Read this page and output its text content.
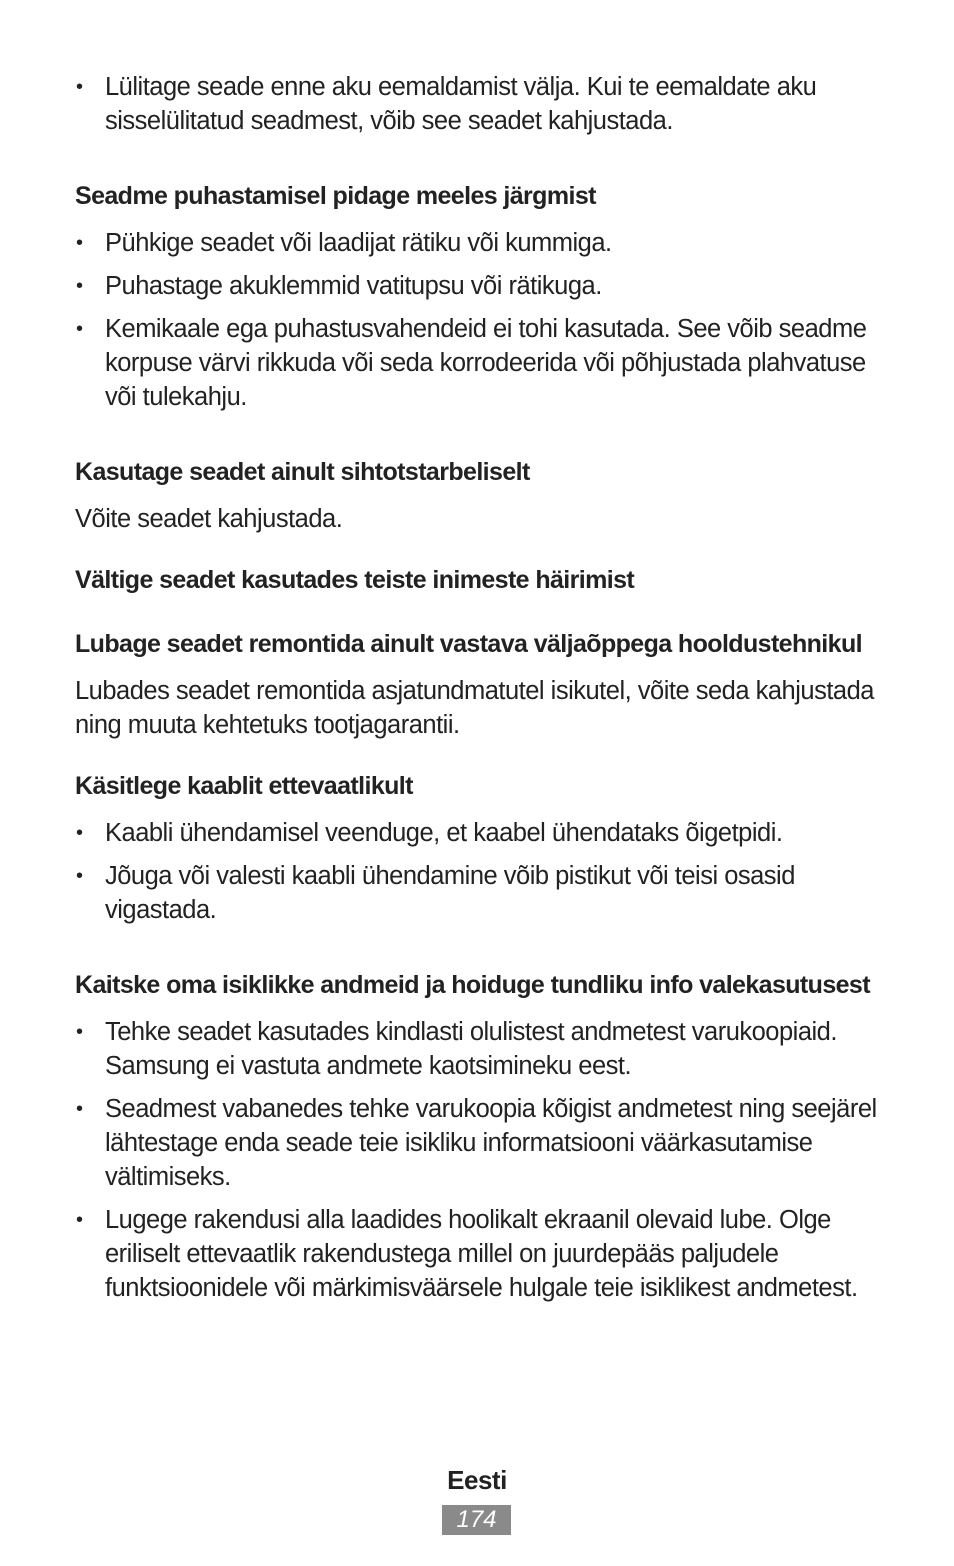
• Lülitage seade enne aku eemaldamist välja. Kui te eemaldate aku sisselülitatud seadmest, võib see seadet kahjustada.
Seadme puhastamisel pidage meeles järgmist
• Pühkige seadet või laadijat rätiku või kummiga.
• Puhastage akuklemmid vatitupsu või rätikuga.
• Kemikaale ega puhastusvahendeid ei tohi kasutada. See võib seadme korpuse värvi rikkuda või seda korrodeerida või põhjustada plahvatuse või tulekahju.
Kasutage seadet ainult sihtotstarbeliselt

Võite seadet kahjustada.

Vältige seadet kasutades teiste inimeste häirimist
Lubage seadet remontida ainult vastava väljaõppega hooldustehnikul

Lubades seadet remontida asjatundmatutel isikutel, võite seda kahjustada ning muuta kehtetuks tootjagarantii.

Käsitlege kaablit ettevaatlikult
• Kaabli ühendamisel veenduge, et kaabel ühendataks õigetpidi.
• Jõuga või valesti kaabli ühendamine võib pistikut või teisi osasid vigastada.
Kaitske oma isiklikke andmeid ja hoiduge tundliku info valekasutusest
• Tehke seadet kasutades kindlasti olulistest andmetest varukoopiaid. Samsung ei vastuta andmete kaotsimineku eest.
• Seadmest vabanedes tehke varukoopia kõigist andmetest ning seejärel lähtestage enda seade teie isikliku informatsiooni väärkasutamise vältimiseks.
• Lugege rakendusi alla laadides hoolikalt ekraanil olevaid lube. Olge eriliselt ettevaatlik rakendustega millel on juurdepääs paljudele funktsioonidele või märkimisväärsele hulgale teie isiklikest andmetest.
Eesti
174
